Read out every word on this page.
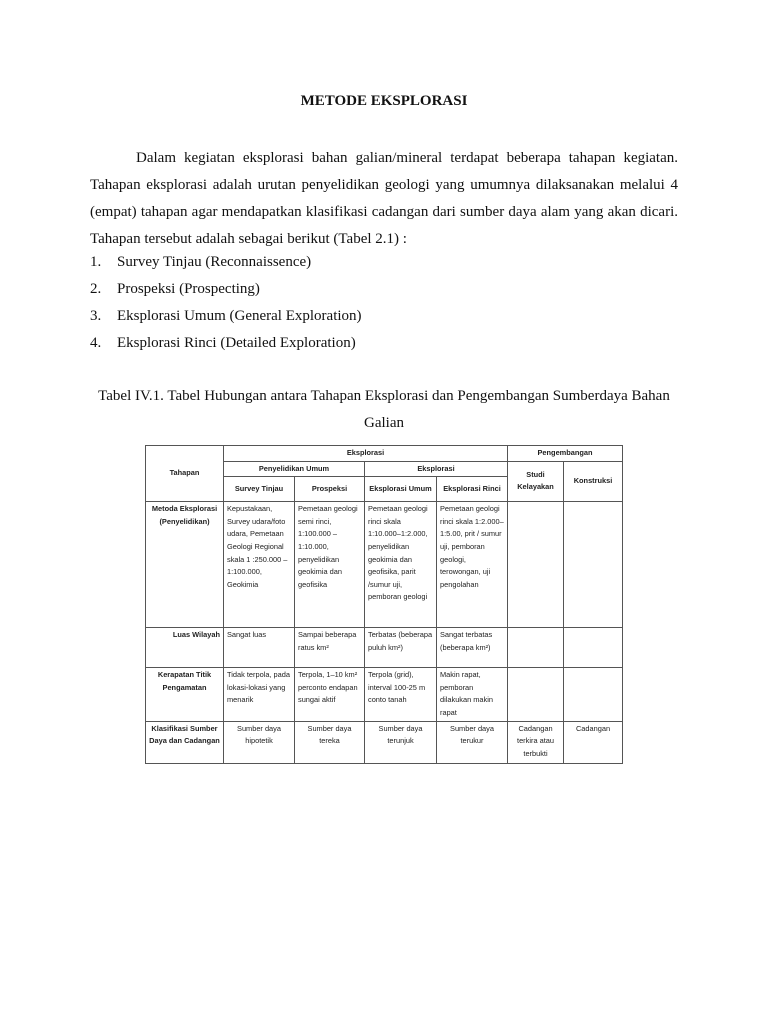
METODE EKSPLORASI

Dalam kegiatan eksplorasi bahan galian/mineral terdapat beberapa tahapan kegiatan. Tahapan eksplorasi adalah urutan penyelidikan geologi yang umumnya dilaksanakan melalui 4 (empat) tahapan agar mendapatkan klasifikasi cadangan dari sumber daya alam yang akan dicari. Tahapan tersebut adalah sebagai berikut (Tabel 2.1) :

1.	Survey Tinjau (Reconnaissence)
2.	Prospeksi (Prospecting)
3.	Eksplorasi Umum (General Exploration)
4.	Eksplorasi Rinci (Detailed Exploration)
Tabel IV.1. Tabel Hubungan antara Tahapan Eksplorasi dan Pengembangan Sumberdaya Bahan Galian
Tahapan	Eksplorasi				Pengembangan	
	Penyelidikan Umum		Eksplorasi		Studi Kelayakan	Konstruksi
	Survey Tinjau	Prospeksi	Eksplorasi Umum	Eksplorasi Rinci		
Metoda Eksplorasi (Penyelidikan)	Kepustakaan, Survey udara/foto udara, Pemetaan Geologi Regional skala 1 :250.000 – 1:100.000, Geokimia	Pemetaan geologi semi rinci, 1:100.000 – 1:10.000, penyelidikan geokimia dan geofisika	Pemetaan geologi rinci skala 1:10.000–1:2.000, penyelidikan geokimia dan geofisika, parit /sumur uji, pemboran geologi	Pemetaan geologi rinci skala 1:2.000–1:5.00, prit / sumur uji, pemboran geologi, terowongan, uji pengolahan		
Luas Wilayah	Sangat luas	Sampai beberapa ratus km²	Terbatas (beberapa puluh km²)	Sangat terbatas (beberapa km²)		
Kerapatan Titik Pengamatan	Tidak terpola, pada lokasi-lokasi yang menarik	Terpola, 1–10 km² perconto endapan sungai aktif	Terpola (grid), interval 100-25 m conto tanah	Makin rapat, pemboran dilakukan makin rapat		
Klasifikasi Sumber Daya dan Cadangan	Sumber daya hipotetik	Sumber daya tereka	Sumber daya terunjuk	Sumber daya terukur	Cadangan terkira atau terbukti	Cadangan
